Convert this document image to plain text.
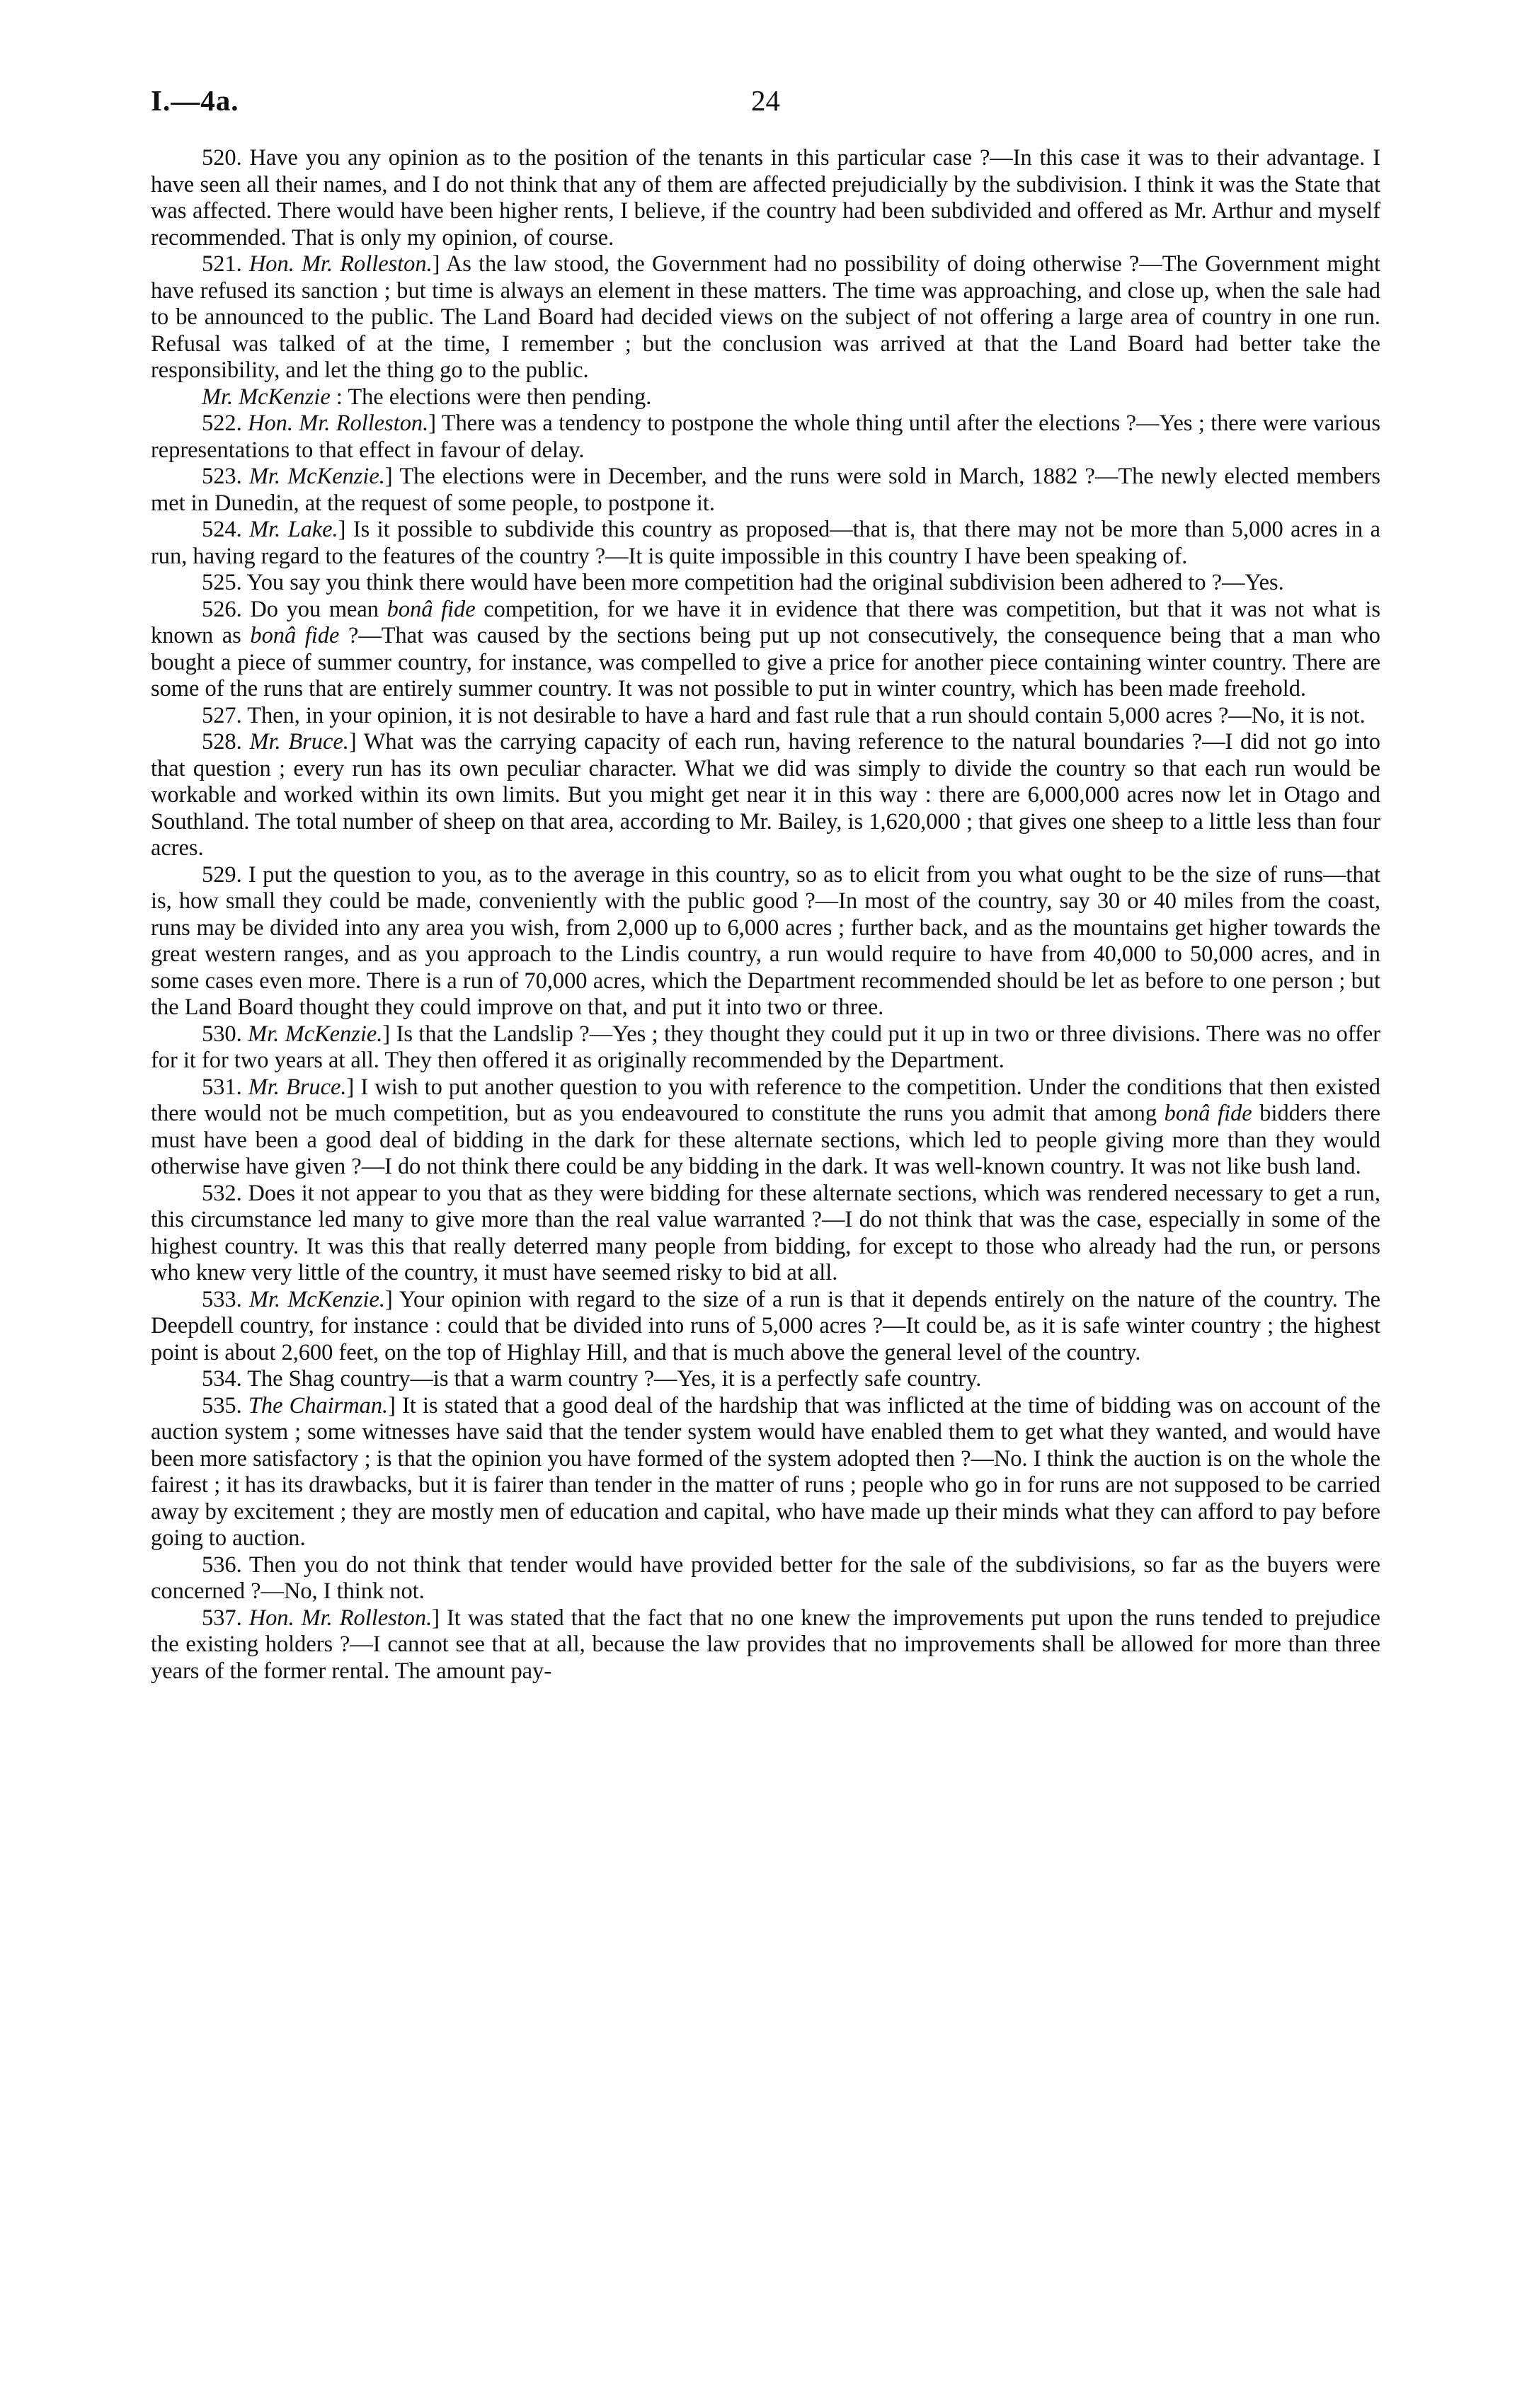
I.—4a.	24

520. Have you any opinion as to the position of the tenants in this particular case ?—In this case it was to their advantage. I have seen all their names, and I do not think that any of them are affected prejudicially by the subdivision. I think it was the State that was affected. There would have been higher rents, I believe, if the country had been subdivided and offered as Mr. Arthur and myself recommended. That is only my opinion, of course.

521. Hon. Mr. Rolleston.] As the law stood, the Government had no possibility of doing otherwise ?—The Government might have refused its sanction ; but time is always an element in these matters. The time was approaching, and close up, when the sale had to be announced to the public. The Land Board had decided views on the subject of not offering a large area of country in one run. Refusal was talked of at the time, I remember ; but the conclusion was arrived at that the Land Board had better take the responsibility, and let the thing go to the public.

Mr. McKenzie : The elections were then pending.

522. Hon. Mr. Rolleston.] There was a tendency to postpone the whole thing until after the elections ?—Yes ; there were various representations to that effect in favour of delay.

523. Mr. McKenzie.] The elections were in December, and the runs were sold in March, 1882 ?—The newly elected members met in Dunedin, at the request of some people, to postpone it.

524. Mr. Lake.] Is it possible to subdivide this country as proposed—that is, that there may not be more than 5,000 acres in a run, having regard to the features of the country ?—It is quite impossible in this country I have been speaking of.

525. You say you think there would have been more competition had the original subdivision been adhered to ?—Yes.

526. Do you mean bonâ fide competition, for we have it in evidence that there was competition, but that it was not what is known as bonâ fide ?—That was caused by the sections being put up not consecutively, the consequence being that a man who bought a piece of summer country, for instance, was compelled to give a price for another piece containing winter country. There are some of the runs that are entirely summer country. It was not possible to put in winter country, which has been made freehold.

527. Then, in your opinion, it is not desirable to have a hard and fast rule that a run should contain 5,000 acres ?—No, it is not.

528. Mr. Bruce.] What was the carrying capacity of each run, having reference to the natural boundaries ?—I did not go into that question ; every run has its own peculiar character. What we did was simply to divide the country so that each run would be workable and worked within its own limits. But you might get near it in this way : there are 6,000,000 acres now let in Otago and Southland. The total number of sheep on that area, according to Mr. Bailey, is 1,620,000 ; that gives one sheep to a little less than four acres.

529. I put the question to you, as to the average in this country, so as to elicit from you what ought to be the size of runs—that is, how small they could be made, conveniently with the public good ?—In most of the country, say 30 or 40 miles from the coast, runs may be divided into any area you wish, from 2,000 up to 6,000 acres ; further back, and as the mountains get higher towards the great western ranges, and as you approach to the Lindis country, a run would require to have from 40,000 to 50,000 acres, and in some cases even more. There is a run of 70,000 acres, which the Department recommended should be let as before to one person ; but the Land Board thought they could improve on that, and put it into two or three.

530. Mr. McKenzie.] Is that the Landslip ?—Yes ; they thought they could put it up in two or three divisions. There was no offer for it for two years at all. They then offered it as originally recommended by the Department.

531. Mr. Bruce.] I wish to put another question to you with reference to the competition. Under the conditions that then existed there would not be much competition, but as you endeavoured to constitute the runs you admit that among bonâ fide bidders there must have been a good deal of bidding in the dark for these alternate sections, which led to people giving more than they would otherwise have given ?—I do not think there could be any bidding in the dark. It was well-known country. It was not like bush land.

532. Does it not appear to you that as they were bidding for these alternate sections, which was rendered necessary to get a run, this circumstance led many to give more than the real value warranted ?—I do not think that was the case, especially in some of the highest country. It was this that really deterred many people from bidding, for except to those who already had the run, or persons who knew very little of the country, it must have seemed risky to bid at all.

533. Mr. McKenzie.] Your opinion with regard to the size of a run is that it depends entirely on the nature of the country. The Deepdell country, for instance : could that be divided into runs of 5,000 acres ?—It could be, as it is safe winter country ; the highest point is about 2,600 feet, on the top of Highlay Hill, and that is much above the general level of the country.

534. The Shag country—is that a warm country ?—Yes, it is a perfectly safe country.

535. The Chairman.] It is stated that a good deal of the hardship that was inflicted at the time of bidding was on account of the auction system ; some witnesses have said that the tender system would have enabled them to get what they wanted, and would have been more satisfactory ; is that the opinion you have formed of the system adopted then ?—No. I think the auction is on the whole the fairest ; it has its drawbacks, but it is fairer than tender in the matter of runs ; people who go in for runs are not supposed to be carried away by excitement ; they are mostly men of education and capital, who have made up their minds what they can afford to pay before going to auction.

536. Then you do not think that tender would have provided better for the sale of the subdivisions, so far as the buyers were concerned ?—No, I think not.

537. Hon. Mr. Rolleston.] It was stated that the fact that no one knew the improvements put upon the runs tended to prejudice the existing holders ?—I cannot see that at all, because the law provides that no improvements shall be allowed for more than three years of the former rental. The amount pay-
